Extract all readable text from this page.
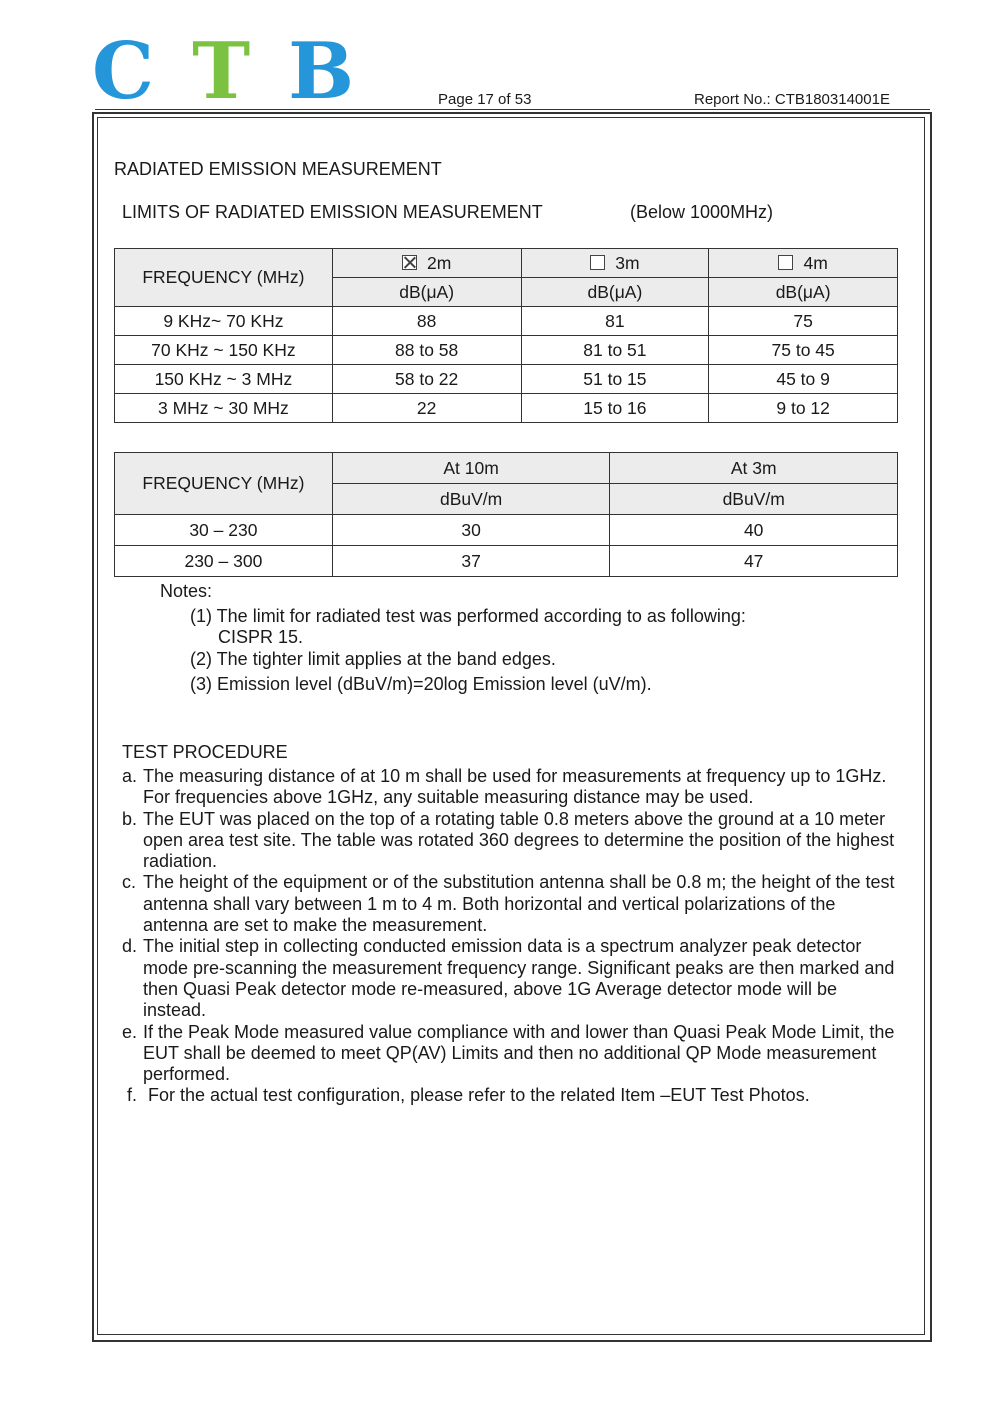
C T B	Page 17 of 53	Report No.: CTB180314001E
RADIATED EMISSION MEASUREMENT
LIMITS OF RADIATED EMISSION MEASUREMENT	(Below 1000MHz)
FREQUENCY (MHz)	2m	3m	4m
	dB(μA)	dB(μA)	dB(μA)
9 KHz~ 70 KHz	88	81	75
70 KHz ~ 150 KHz	88 to 58	81 to 51	75 to 45
150 KHz ~ 3 MHz	58 to 22	51 to 15	45 to 9
3 MHz ~ 30 MHz	22	15 to 16	9 to 12
FREQUENCY (MHz)	At 10m	At 3m
	dBuV/m	dBuV/m
30 – 230	30	40
230 – 300	37	47
Notes:
(1) The limit for radiated test was performed according to as following:
CISPR 15.
(2) The tighter limit applies at the band edges.
(3) Emission level (dBuV/m)=20log Emission level (uV/m).
TEST PROCEDURE
a. The measuring distance of at 10 m shall be used for measurements at frequency up to 1GHz.
For frequencies above 1GHz, any suitable measuring distance may be used.
b. The EUT was placed on the top of a rotating table 0.8 meters above the ground at a 10 meter
open area test site. The table was rotated 360 degrees to determine the position of the highest
radiation.
c. The height of the equipment or of the substitution antenna shall be 0.8 m; the height of the test
antenna shall vary between 1 m to 4 m. Both horizontal and vertical polarizations of the
antenna are set to make the measurement.
d. The initial step in collecting conducted emission data is a spectrum analyzer peak detector
mode pre-scanning the measurement frequency range. Significant peaks are then marked and
then Quasi Peak detector mode re-measured, above 1G Average detector mode will be
instead.
e. If the Peak Mode measured value compliance with and lower than Quasi Peak Mode Limit, the
EUT shall be deemed to meet QP(AV) Limits and then no additional QP Mode measurement
performed.
f. For the actual test configuration, please refer to the related Item –EUT Test Photos.
